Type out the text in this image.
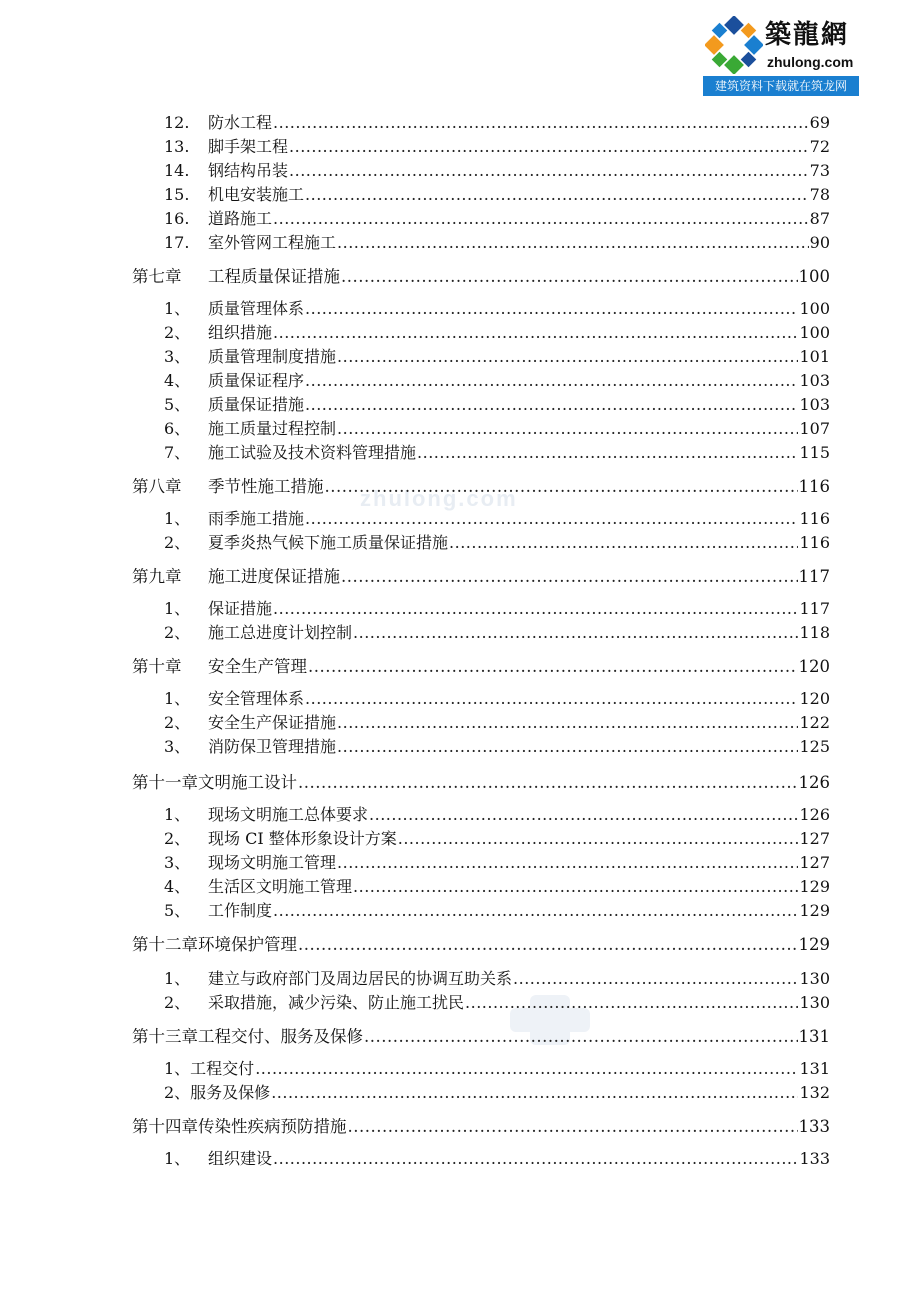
zhulong.com
築龍網
zhulong.com
建筑资料下载就在筑龙网
12.	防水工程 .....	69
13.	脚手架工程 .....	72
14.	钢结构吊装 .....	73
15.	机电安装施工 .....	78
16.	道路施工 .....	87
17.	室外管网工程施工 .....	90
第七章	工程质量保证措施 .....	100
1、	质量管理体系 .....	100
2、	组织措施 .....	100
3、	质量管理制度措施 .....	101
4、	质量保证程序 .....	103
5、	质量保证措施 .....	103
6、	施工质量过程控制 .....	107
7、	施工试验及技术资料管理措施 .....	115
第八章	季节性施工措施 .....	116
1、	雨季施工措施 .....	116
2、	夏季炎热气候下施工质量保证措施 .....	116
第九章	施工进度保证措施 .....	117
1、	保证措施 .....	117
2、	施工总进度计划控制 .....	118
第十章	安全生产管理 .....	120
1、	安全管理体系 .....	120
2、	安全生产保证措施 .....	122
3、	消防保卫管理措施 .....	125
第十一章文明施工设计 .....	126
1、	现场文明施工总体要求 .....	126
2、	现场 CI 整体形象设计方案 .....	127
3、	现场文明施工管理 .....	127
4、	生活区文明施工管理 .....	129
5、	工作制度 .....	129
第十二章环境保护管理 .....	129
1、	建立与政府部门及周边居民的协调互助关系 .....	130
2、	采取措施，减少污染、防止施工扰民 .....	130
第十三章工程交付、服务及保修 .....	131
1、工程交付 .....	131
2、服务及保修 .....	132
第十四章传染性疾病预防措施 .....	133
1、	组织建设 .....	133
